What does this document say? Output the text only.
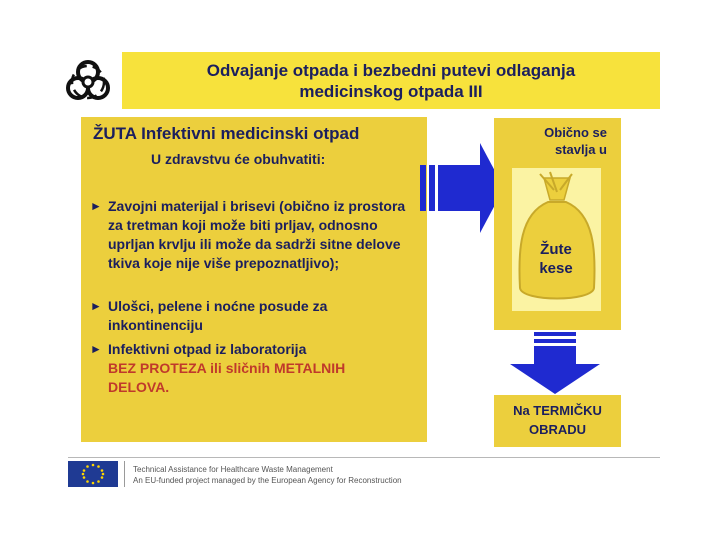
Odvajanje otpada i bezbedni putevi odlaganja
medicinskog otpada III
ŽUTA Infektivni medicinski otpad
U zdravstvu će obuhvatiti:
► Zavojni materijal i brisevi (obično iz prostora za tretman koji može biti prljav, odnosno uprljan krvlju ili može da sadrži sitne delove tkiva koje nije više prepoznatljivo);
► Ulošci, pelene i noćne posude za inkontinenciju
► Infektivni otpad iz laboratorija
BEZ PROTEZA ili sličnih METALNIH DELOVA.
Obično se
stavlja u
Žute
kese
Na TERMIČKU
OBRADU
Technical Assistance for Healthcare Waste Management
An EU-funded project managed by the European Agency for Reconstruction
